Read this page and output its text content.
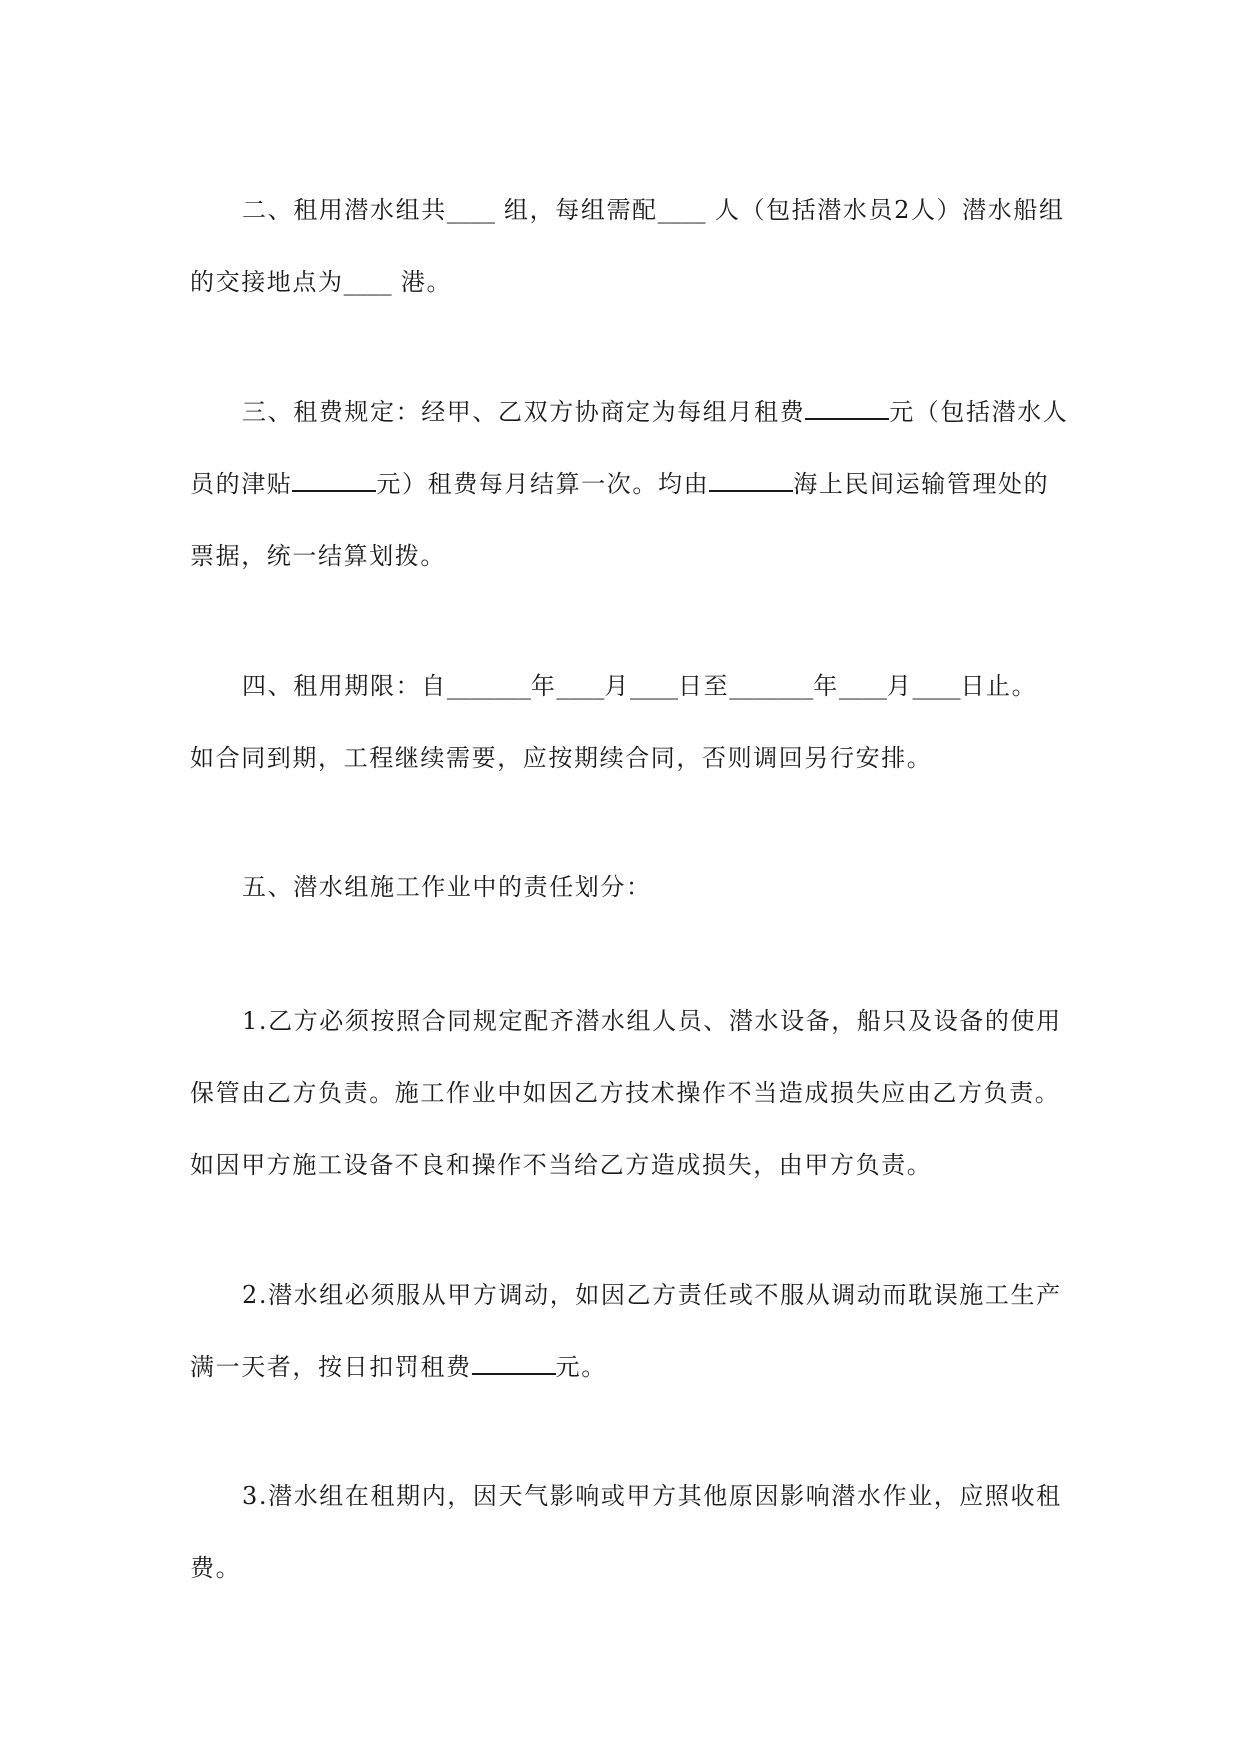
二、租用潜水组共____ 组，每组需配____ 人（包括潜水员2人）潜水船组
的交接地点为____ 港。
三、租费规定：经甲、乙双方协商定为每组月租费	元（包括潜水人
员的津贴	元）租费每月结算一次。均由	海上民间运输管理处的
票据，统一结算划拨。
四、租用期限：自_______年____月____日至_______年____月____日止。
如合同到期，工程继续需要，应按期续合同，否则调回另行安排。
五、潜水组施工作业中的责任划分：
1.乙方必须按照合同规定配齐潜水组人员、潜水设备，船只及设备的使用
保管由乙方负责。施工作业中如因乙方技术操作不当造成损失应由乙方负责。
如因甲方施工设备不良和操作不当给乙方造成损失，由甲方负责。
2.潜水组必须服从甲方调动，如因乙方责任或不服从调动而耽误施工生产
满一天者，按日扣罚租费	元。
3.潜水组在租期内，因天气影响或甲方其他原因影响潜水作业，应照收租
费。
